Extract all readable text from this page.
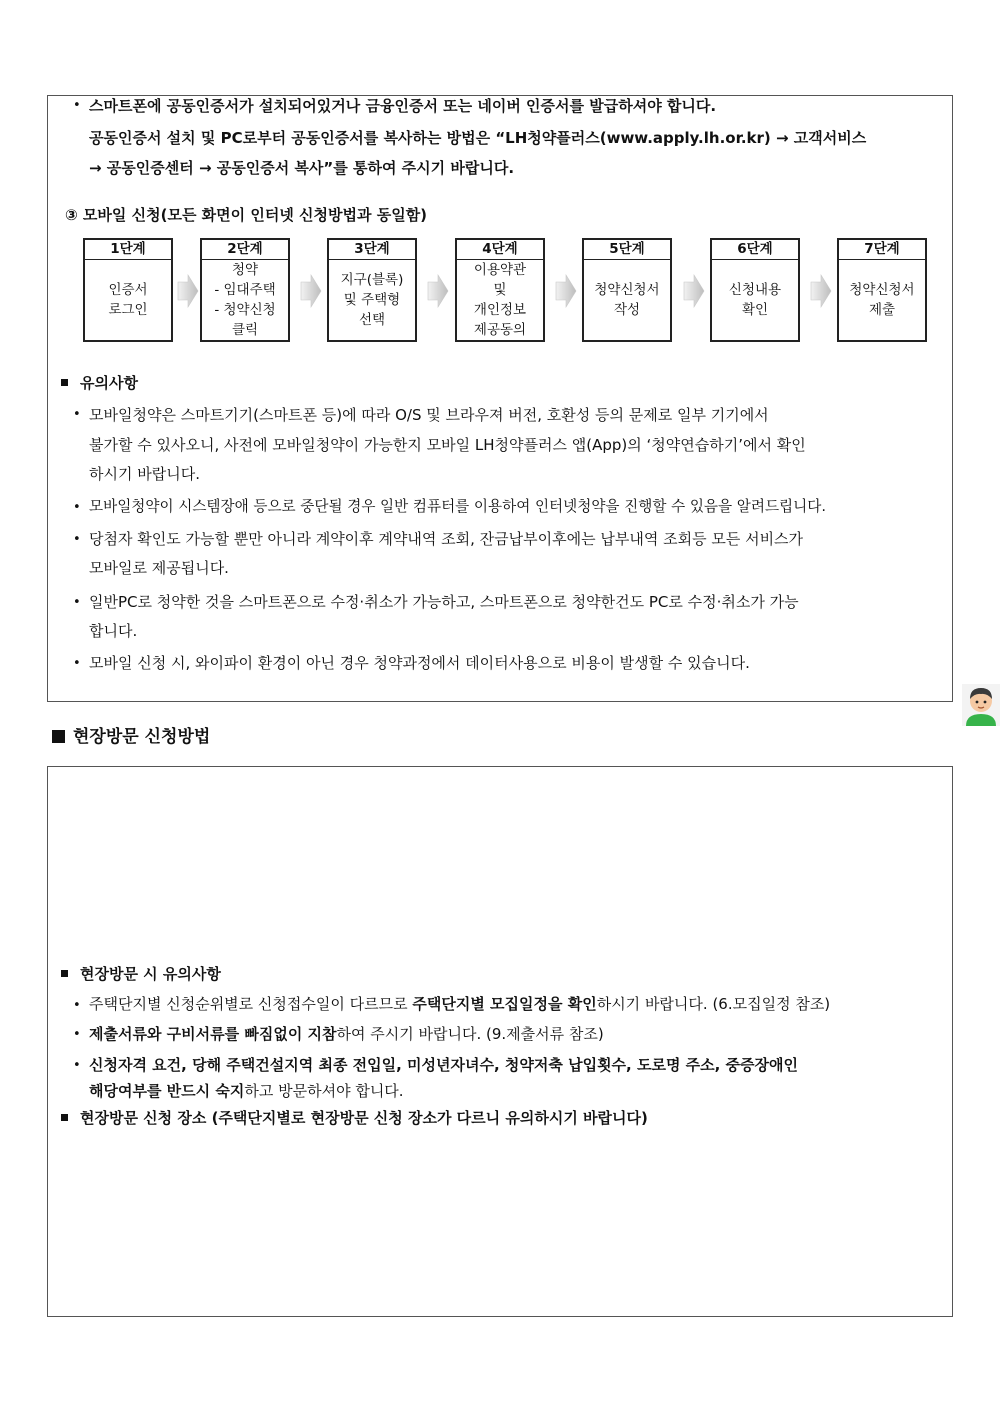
• 스마트폰에 공동인증서가 설치되어있거나 금융인증서 또는 네이버 인증서를 발급하셔야 합니다.
공동인증서 설치 및 PC로부터 공동인증서를 복사하는 방법은 “LH청약플러스(www.apply.lh.or.kr) → 고객서비스
→ 공동인증센터 → 공동인증서 복사”를 통하여 주시기 바랍니다.
③ 모바일 신청(모든 화면이 인터넷 신청방법과 동일함)
1단계
인증서
로그인
2단계
청약
- 임대주택
- 청약신청
클릭
3단계
지구(블록)
및 주택형
선택
4단계
이용약관
및
개인정보
제공동의
5단계
청약신청서
작성
6단계
신청내용
확인
7단계
청약신청서
제출
유의사항
• 모바일청약은 스마트기기(스마트폰 등)에 따라 O/S 및 브라우져 버전, 호환성 등의 문제로 일부 기기에서
불가할 수 있사오니, 사전에 모바일청약이 가능한지 모바일 LH청약플러스 앱(App)의 ‘청약연습하기’에서 확인
하시기 바랍니다.
• 모바일청약이 시스템장애 등으로 중단될 경우 일반 컴퓨터를 이용하여 인터넷청약을 진행할 수 있음을 알려드립니다.
• 당첨자 확인도 가능할 뿐만 아니라 계약이후 계약내역 조회, 잔금납부이후에는 납부내역 조회등 모든 서비스가
모바일로 제공됩니다.
• 일반PC로 청약한 것을 스마트폰으로 수정·취소가 가능하고, 스마트폰으로 청약한건도 PC로 수정·취소가 가능
합니다.
• 모바일 신청 시, 와이파이 환경이 아닌 경우 청약과정에서 데이터사용으로 비용이 발생할 수 있습니다.
현장방문 신청방법
현장방문 시 유의사항
• 주택단지별 신청순위별로 신청접수일이 다르므로 주택단지별 모집일정을 확인하시기 바랍니다. (6.모집일정 참조)
• 제출서류와 구비서류를 빠짐없이 지참하여 주시기 바랍니다. (9.제출서류 참조)
• 신청자격 요건, 당해 주택건설지역 최종 전입일, 미성년자녀수, 청약저축 납입횟수, 도로명 주소, 중증장애인
해당여부를 반드시 숙지하고 방문하셔야 합니다.
현장방문 신청 장소 (주택단지별로 현장방문 신청 장소가 다르니 유의하시기 바랍니다)
